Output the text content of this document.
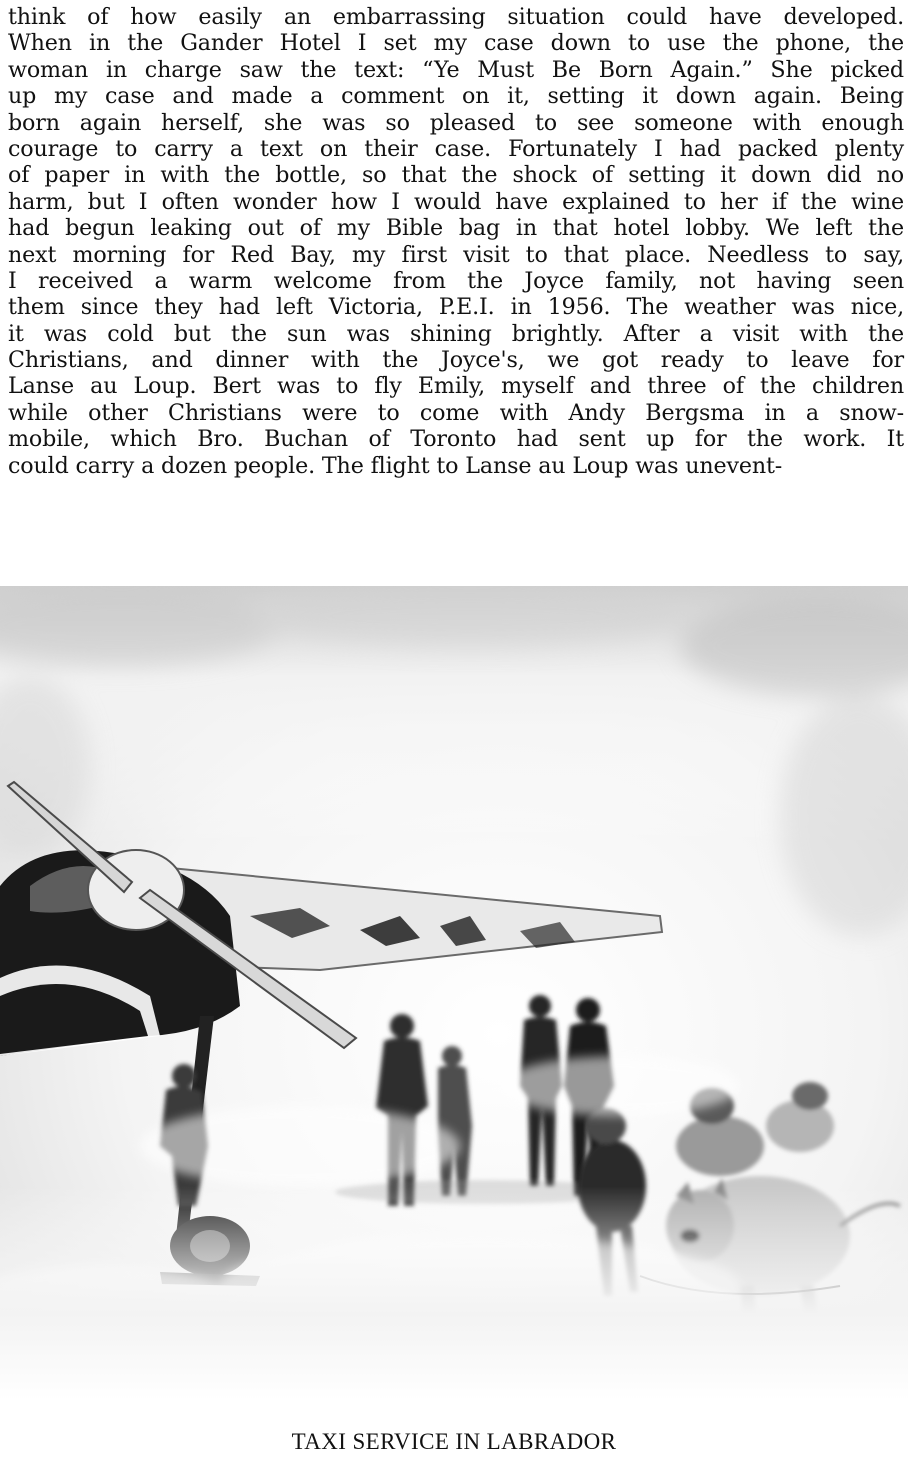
think of how easily an embarrassing situation could have developed.
When in the Gander Hotel I set my case down to use the phone, the
woman in charge saw the text: “Ye Must Be Born Again.” She picked
up my case and made a comment on it, setting it down again. Being
born again herself, she was so pleased to see someone with enough
courage to carry a text on their case. Fortunately I had packed plenty
of paper in with the bottle, so that the shock of setting it down did no
harm, but I often wonder how I would have explained to her if the wine
had begun leaking out of my Bible bag in that hotel lobby. We left the
next morning for Red Bay, my first visit to that place. Needless to say,
I received a warm welcome from the Joyce family, not having seen
them since they had left Victoria, P.E.I. in 1956. The weather was nice,
it was cold but the sun was shining brightly. After a visit with the
Christians, and dinner with the Joyce's, we got ready to leave for
Lanse au Loup. Bert was to fly Emily, myself and three of the children
while other Christians were to come with Andy Bergsma in a snow-
mobile, which Bro. Buchan of Toronto had sent up for the work. It
could carry a dozen people. The flight to Lanse au Loup was unevent-
TAXI SERVICE IN LABRADOR
